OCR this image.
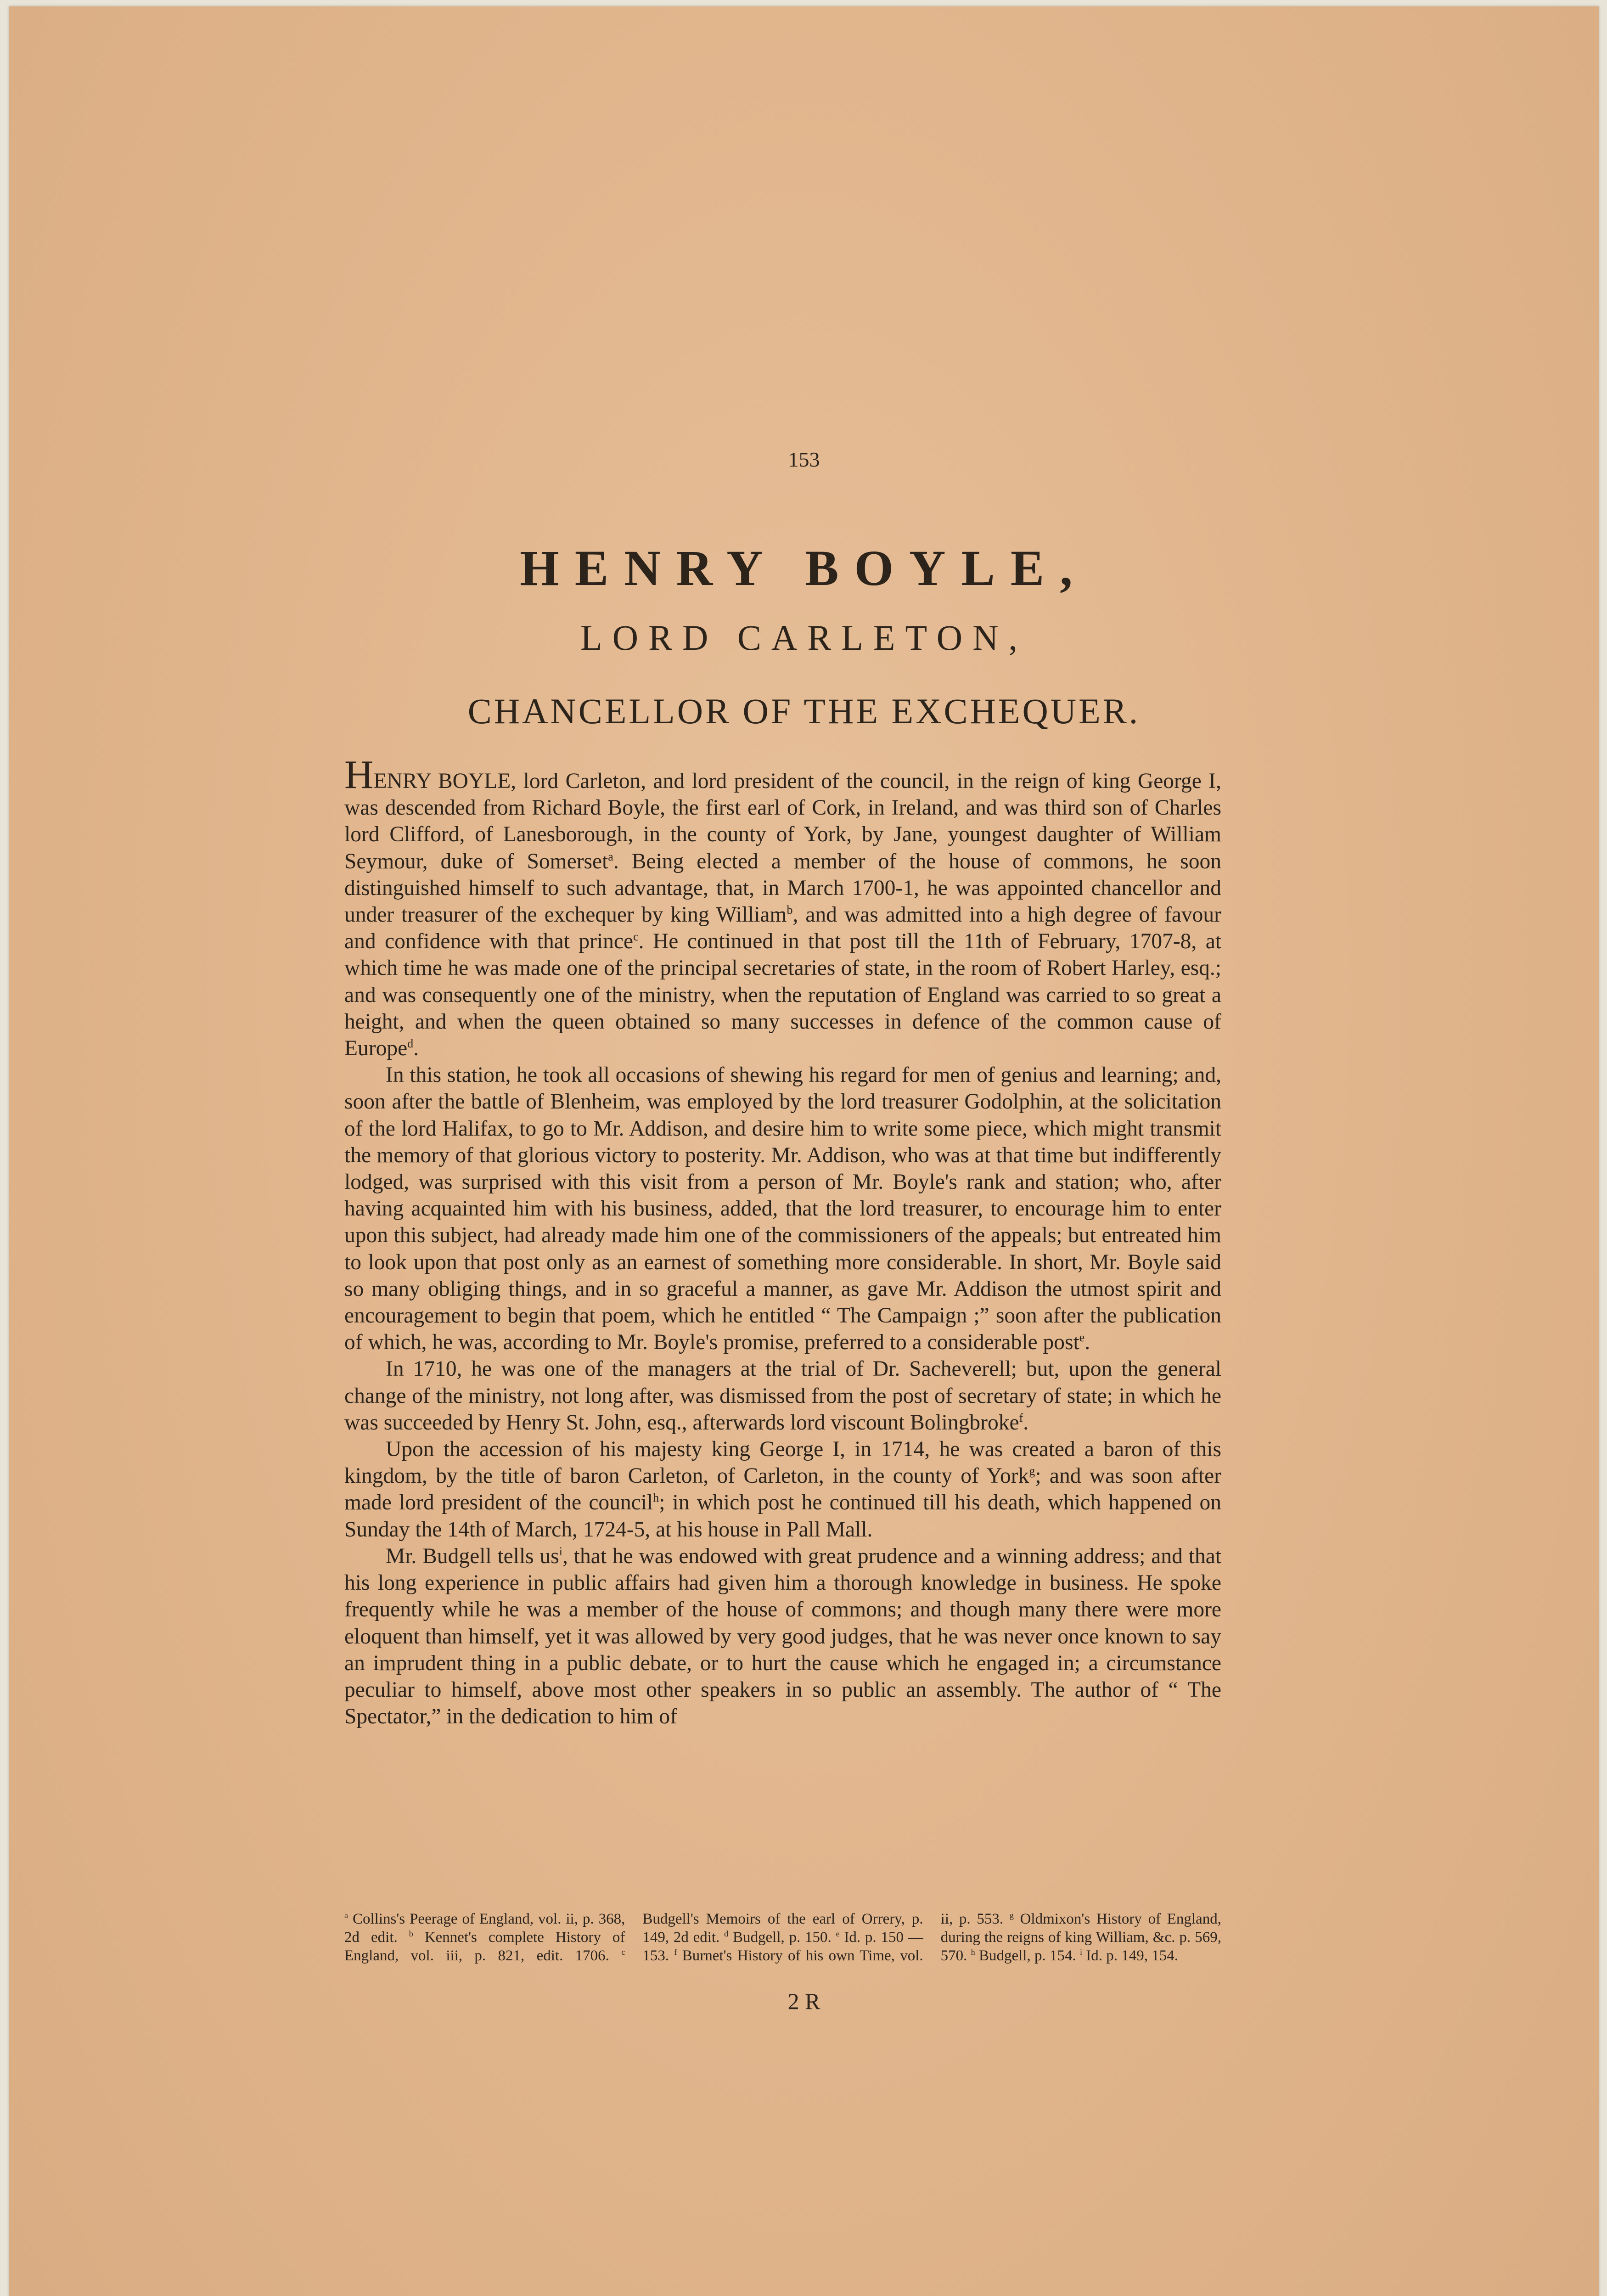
153
HENRY BOYLE,
LORD CARLETON,
CHANCELLOR OF THE EXCHEQUER.

HENRY BOYLE, lord Carleton, and lord president of the council, in the reign of king George I, was descended from Richard Boyle, the first earl of Cork, in Ireland, and was third son of Charles lord Clifford, of Lanesborough, in the county of York, by Jane, youngest daughter of William Seymour, duke of Somerset$^a$. Being elected a member of the house of commons, he soon distinguished himself to such advantage, that, in March 1700-1, he was appointed chancellor and under treasurer of the exchequer by king William$^b$, and was admitted into a high degree of favour and confidence with that prince$^c$. He continued in that post till the 11th of February, 1707-8, at which time he was made one of the principal secretaries of state, in the room of Robert Harley, esq.; and was consequently one of the ministry, when the reputation of England was carried to so great a height, and when the queen obtained so many successes in defence of the common cause of Europe$^d$.

In this station, he took all occasions of shewing his regard for men of genius and learning; and, soon after the battle of Blenheim, was employed by the lord treasurer Godolphin, at the solicitation of the lord Halifax, to go to Mr. Addison, and desire him to write some piece, which might transmit the memory of that glorious victory to posterity. Mr. Addison, who was at that time but indifferently lodged, was surprised with this visit from a person of Mr. Boyle's rank and station; who, after having acquainted him with his business, added, that the lord treasurer, to encourage him to enter upon this subject, had already made him one of the commissioners of the appeals; but entreated him to look upon that post only as an earnest of something more considerable. In short, Mr. Boyle said so many obliging things, and in so graceful a manner, as gave Mr. Addison the utmost spirit and encouragement to begin that poem, which he entitled “ The Campaign ;” soon after the publication of which, he was, according to Mr. Boyle's promise, preferred to a considerable post$^e$.

In 1710, he was one of the managers at the trial of Dr. Sacheverell; but, upon the general change of the ministry, not long after, was dismissed from the post of secretary of state; in which he was succeeded by Henry St. John, esq., afterwards lord viscount Bolingbroke$^f$.

Upon the accession of his majesty king George I, in 1714, he was created a baron of this kingdom, by the title of baron Carleton, of Carleton, in the county of York$^g$; and was soon after made lord president of the council$^h$; in which post he continued till his death, which happened on Sunday the 14th of March, 1724-5, at his house in Pall Mall.

Mr. Budgell tells $us^i$, that he was endowed with great prudence and a winning address; and that his long experience in public affairs had given him a thorough knowledge in business. He spoke frequently while he was a member of the house of commons; and though many there were more eloquent than himself, yet it was allowed by very good judges, that he was never once known to say an imprudent thing in a public debate, or to hurt the cause which he engaged in; a circumstance peculiar to himself, above most other speakers in so public an assembly. The author of “ The Spectator,” in the dedication to him of

$^a$ Collins's Peerage of England, vol. ii, p. 368, 2d edit. $^b$ Kennet's complete History of England, vol. iii, p. 821, edit. 1706. $^c$ Budgell's Memoirs of the earl of Orrery, p. 149, 2d edit. $^d$ Budgell, p. 150. $^e$ Id. p. 150 — 153. $^f$ Burnet's History of his own Time, vol. ii, p. 553. $^g$ Oldmixon's History of England, during the reigns of king William, &c. p. 569, 570. $^h$ Budgell, p. 154. $^i$ Id. p. 149, 154.
2 R
